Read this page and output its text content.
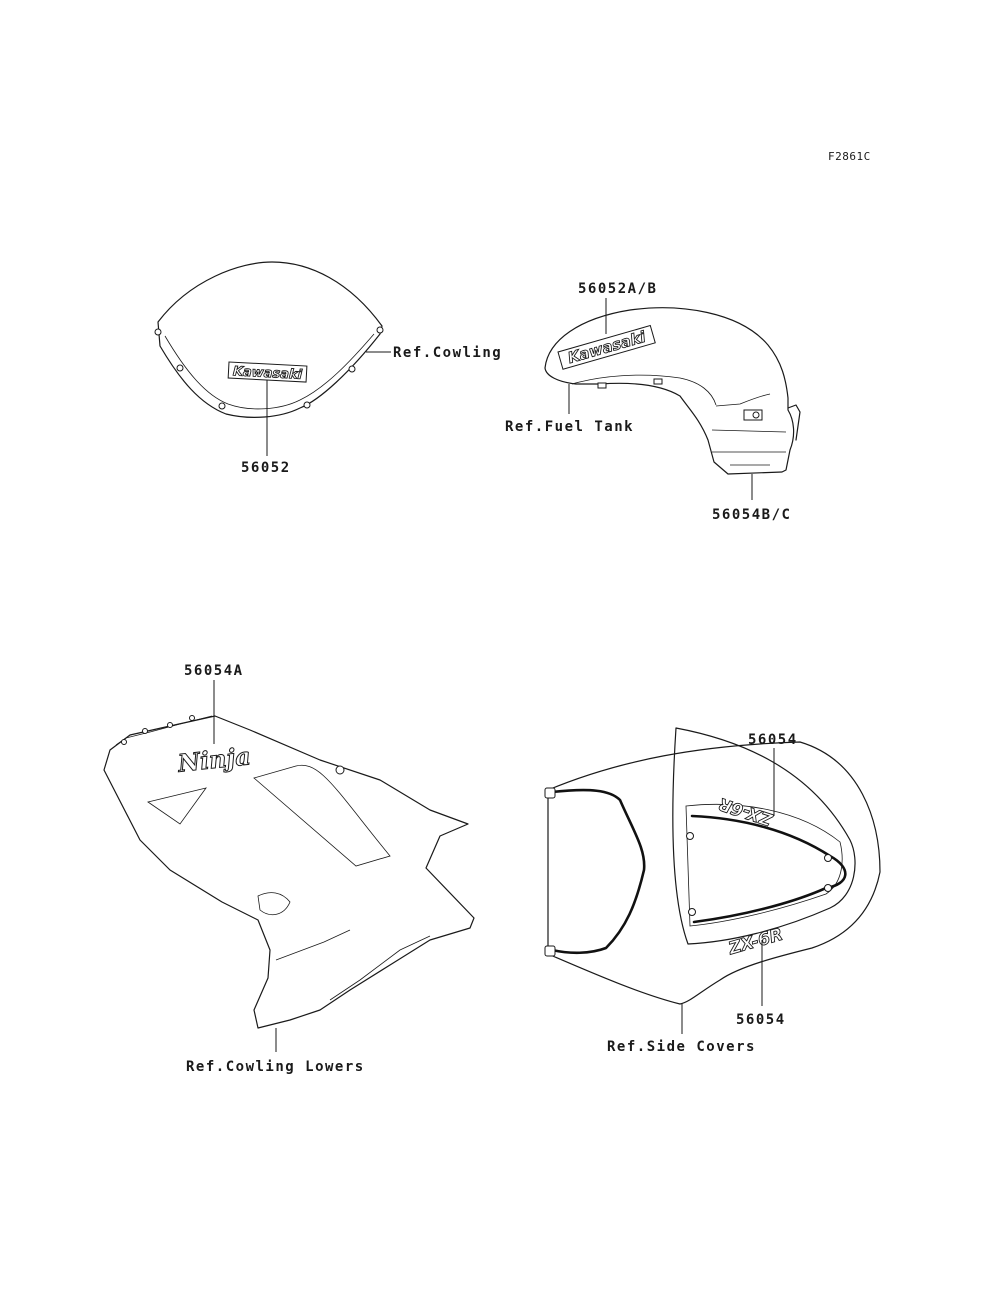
F2861C
Kawasaki
56052
Ref.Cowling	Kawasaki
56052A/B
Ref.Fuel Tank
56054B/C
Ninja
56054A
Ref.Cowling Lowers
ZX-6R
ZX-6R
56054
56054
Ref.Side Covers
